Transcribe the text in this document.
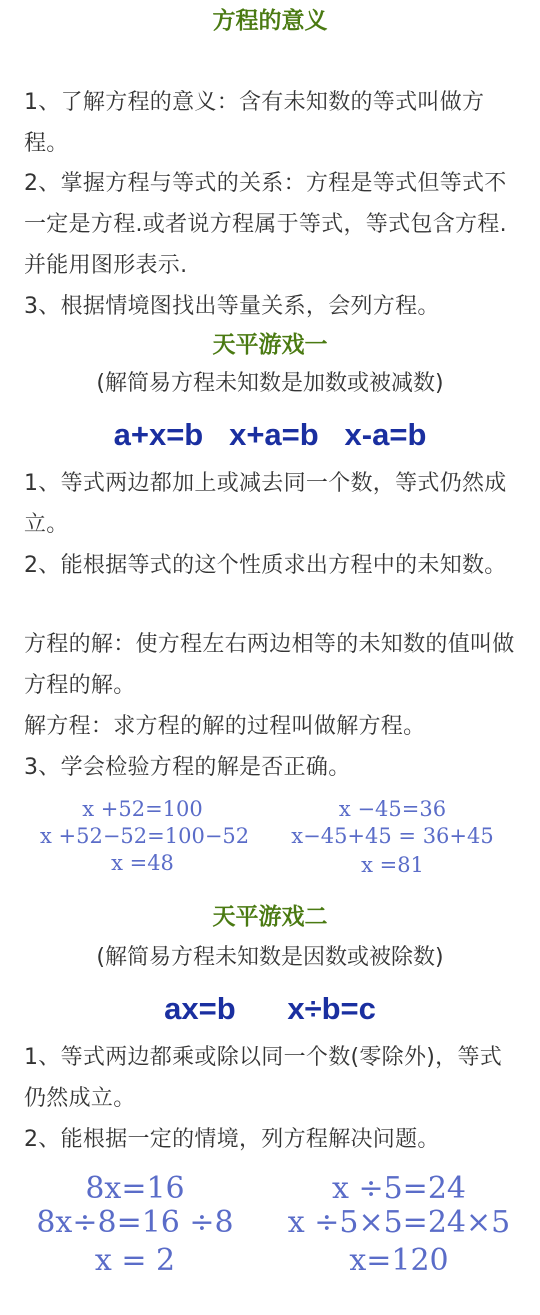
方程的意义
1、了解方程的意义：含有未知数的等式叫做方程。
2、掌握方程与等式的关系：方程是等式但等式不一定是方程.或者说方程属于等式，等式包含方程.并能用图形表示.
3、根据情境图找出等量关系，会列方程。
天平游戏一
(解简易方程未知数是加数或被减数)
a+x=b   x+a=b   x-a=b
1、等式两边都加上或减去同一个数，等式仍然成立。
2、能根据等式的这个性质求出方程中的未知数。
方程的解：使方程左右两边相等的未知数的值叫做方程的解。
解方程：求方程的解的过程叫做解方程。
3、学会检验方程的解是否正确。
x +52=100
x +52−52=100−52
x =48
x −45=36
x−45+45 = 36+45
x =81
天平游戏二
(解简易方程未知数是因数或被除数)
ax=b      x÷b=c
1、等式两边都乘或除以同一个数(零除外)，等式仍然成立。
2、能根据一定的情境，列方程解决问题。
8x=16
8x÷8=16 ÷8
x = 2
x ÷5=24
x ÷5×5=24×5
x=120
